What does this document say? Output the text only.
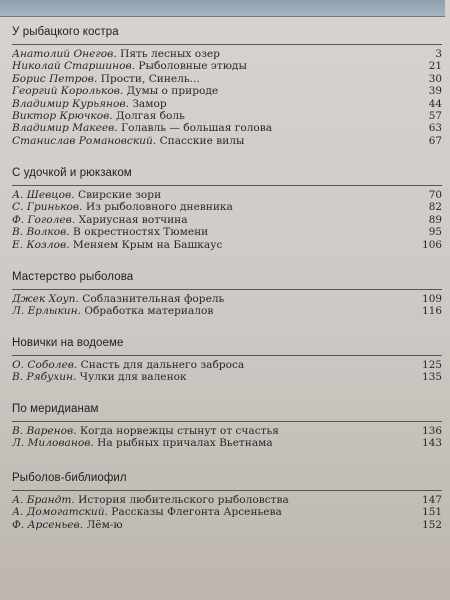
У рыбацкого костра
Анатолий Онегов. Пять лесных озер	3
Николай Старшинов. Рыболовные этюды	21
Борис Петров. Прости, Синель...	30
Георгий Корольков. Думы о природе	39
Владимир Курьянов. Замор	44
Виктор Крючков. Долгая боль	57
Владимир Макеев. Голавль — большая голова	63
Станислав Романовский. Спасские вилы	67
С удочкой и рюкзаком
А. Шевцов. Свирские зори	70
С. Гриньков. Из рыболовного дневника	82
Ф. Гоголев. Хариусная вотчина	89
В. Волков. В окрестностях Тюмени	95
Е. Козлов. Меняем Крым на Башкаус	106
Мастерство рыболова
Джек Хоуп. Соблазнительная форель	109
Л. Ерлыкин. Обработка материалов	116
Новички на водоеме
О. Соболев. Снасть для дальнего заброса	125
В. Рябухин. Чулки для валенок	135
По меридианам
В. Варенов. Когда норвежцы стынут от счастья	136
Л. Милованов. На рыбных причалах Вьетнама	143
Рыболов-библиофил
А. Брандт. История любительского рыболовства	147
А. Домогатский. Рассказы Флегонта Арсеньева	151
Ф. Арсеньев. Лём-ю	152
